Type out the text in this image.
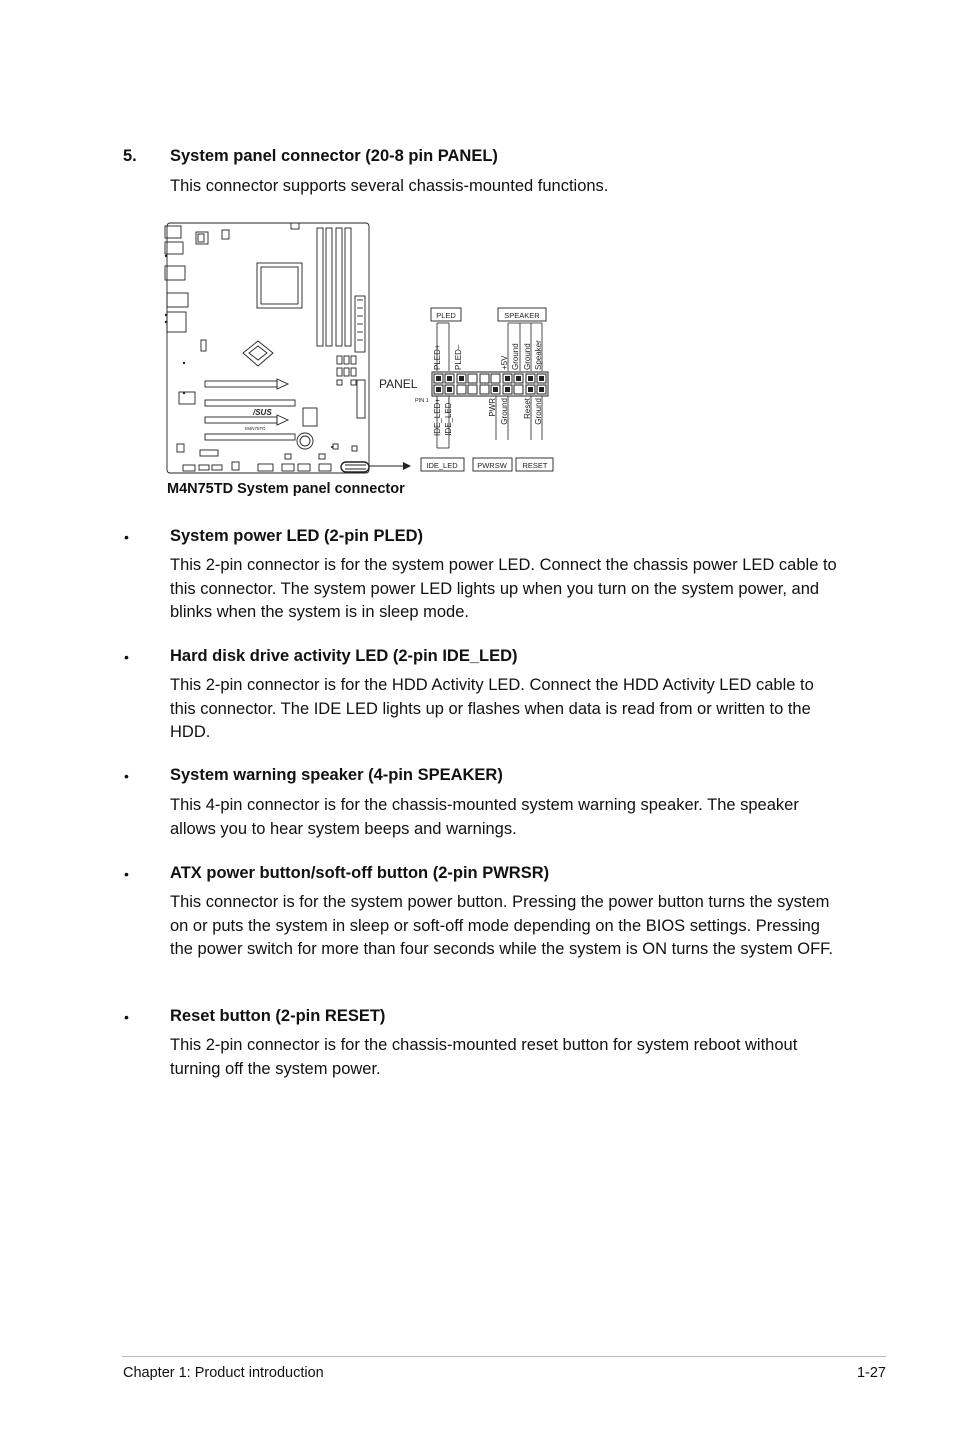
5. System panel connector (20-8 pin PANEL)
This connector supports several chassis-mounted functions.
/SUS
M4N75TD
PLED	SPEAKER
IDE_LED	PWRSW RESET
PANEL
PIN 1
PLED+ PLED–	+5V Ground Ground Speaker
IDE_LED+ IDE_LED–	PWR Ground Reset Ground
M4N75TD System panel connector
• System power LED (2-pin PLED)

This 2-pin connector is for the system power LED. Connect the chassis power LED cable to this connector. The system power LED lights up when you turn on the system power, and blinks when the system is in sleep mode.

• Hard disk drive activity LED (2-pin IDE_LED)

This 2-pin connector is for the HDD Activity LED. Connect the HDD Activity LED cable to this connector. The IDE LED lights up or flashes when data is read from or written to the HDD.

• System warning speaker (4-pin SPEAKER)

This 4-pin connector is for the chassis-mounted system warning speaker. The speaker allows you to hear system beeps and warnings.

• ATX power button/soft-off button (2-pin PWRSR)

This connector is for the system power button. Pressing the power button turns the system on or puts the system in sleep or soft-off mode depending on the BIOS settings. Pressing the power switch for more than four seconds while the system is ON turns the system OFF.

• Reset button (2-pin RESET)

This 2-pin connector is for the chassis-mounted reset button for system reboot without turning off the system power.

Chapter 1: Product introduction	1-27
